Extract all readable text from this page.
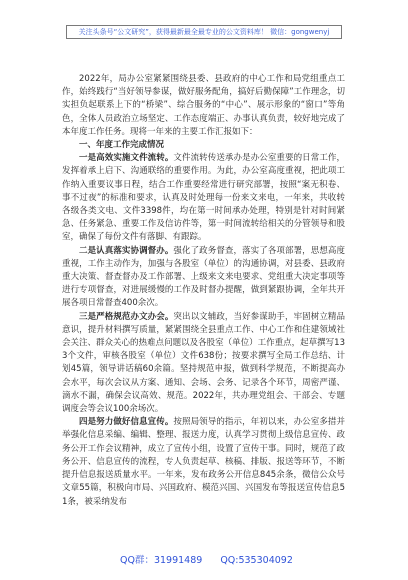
关注头条号“公文研究”，获得最新最全最专业的公文资料库！ 微信：gongwenyj

2022年，局办公室紧紧围绕县委、县政府的中心工作和局党组重点工作，始终践行“当好领导参谋，做好服务配角，搞好后勤保障”工作理念，切实担负起联系上下的“桥梁”、综合服务的“中心”、展示形象的“窗口”等角色，全体人员政治立场坚定、工作态度端正、办事认真负责，较好地完成了本年度工作任务。现将一年来的主要工作汇报如下：

一、年度工作完成情况

一是高效实施文件流转。文件流转传送承办是办公室重要的日常工作，发挥着承上启下、沟通联络的重要作用。为此，办公室高度重视，把此项工作纳入重要议事日程，结合工作重要经常进行研究部署，按照“案无积卷、事不过夜”的标准和要求，认真及时处理每一份来文来电，一年来，共收转各级各类文电、文件3398件，均在第一时间承办处理，特别是针对时间紧急、任务紧急、重要工作及信访件等，第一时间流转给相关的分管领导和股室，确保了每份文件有落脚、有跟踪。

二是认真落实协调督办。强化了政务督查，落实了各项部署，思想高度重视，工作主动作为，加强与各股室（单位）的沟通协调，对县委、县政府重大决策、督查督办及工作部署、上级来文来电要求、党组重大决定事项等进行专项督查，对进展缓慢的工作及时督办提醒，做到紧跟协调，全年共开展各项日常督查400余次。

三是严格规范办文办会。突出以文辅政，当好参谋助手，牢固树立精品意识，提升材料撰写质量，紧紧围绕全县重点工作、中心工作和住建领域社会关注、群众关心的热难点问题以及各股室（单位）工作重点，起草撰写133个文件，审核各股室（单位）文件638份；按要求撰写全局工作总结、计划45篇，领导讲话稿60余篇。坚持规范申报，做到科学规范，不断提高办会水平，每次会议从方案、通知、会场、会务、记录各个环节，周密严谨、滴水不漏，确保会议高效、规范。2022年，共办理党组会、干部会、专题调度会等会议100余场次。

四是努力做好信息宣传。按照局领导的指示，年初以来，办公室多措并举强化信息采编、编辑、整理、报送力度，认真学习贯彻上级信息宣传、政务公开工作会议精神，成立了宣传小组，设置了宣传干事。同时，规范了政务公开、信息宣传的流程，专人负责起草、核稿、排版、报送等环节，不断提升信息报送质量水平。一年来，发布政务公开信息845余条，微信公众号文章55篇，积极向市局、兴国政府、模范兴国、兴国发布等报送宣传信息51条，被采纳发布

QQ群：31991489 QQ:535304092
